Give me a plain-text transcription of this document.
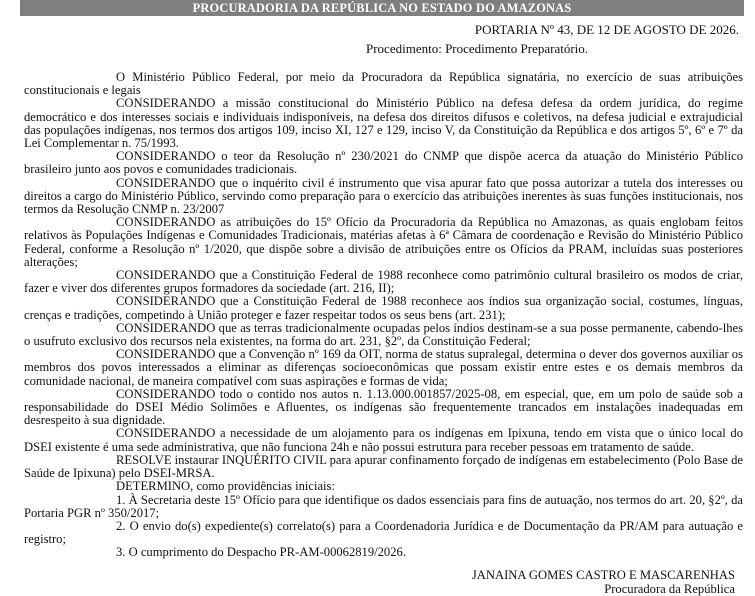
PROCURADORIA DA REPÚBLICA NO ESTADO DO AMAZONAS
PORTARIA Nº 43, DE 12 DE AGOSTO DE 2026.
Procedimento: Procedimento Preparatório.

O Ministério Público Federal, por meio da Procuradora da República signatária, no exercício de suas atribuições constitucionais e legais

CONSIDERANDO a missão constitucional do Ministério Público na defesa defesa da ordem jurídica, do regime democrático e dos interesses sociais e individuais indisponíveis, na defesa dos direitos difusos e coletivos, na defesa judicial e extrajudicial das populações indígenas, nos termos dos artigos 109, inciso XI, 127 e 129, inciso V, da Constituição da República e dos artigos 5º, 6º e 7º da Lei Complementar n. 75/1993.

CONSIDERANDO o teor da Resolução nº 230/2021 do CNMP que dispõe acerca da atuação do Ministério Público brasileiro junto aos povos e comunidades tradicionais.

CONSIDERANDO que o inquérito civil é instrumento que visa apurar fato que possa autorizar a tutela dos interesses ou direitos a cargo do Ministério Público, servindo como preparação para o exercício das atribuições inerentes às suas funções institucionais, nos termos da Resolução CNMP n. 23/2007

CONSIDERANDO as atribuições do 15º Ofício da Procuradoria da República no Amazonas, as quais englobam feitos relativos às Populações Indígenas e Comunidades Tradicionais, matérias afetas à 6ª Câmara de coordenação e Revisão do Ministério Público Federal, conforme a Resolução nº 1/2020, que dispõe sobre a divisão de atribuições entre os Ofícios da PRAM, incluídas suas posteriores alterações;

CONSIDERANDO que a Constituição Federal de 1988 reconhece como patrimônio cultural brasileiro os modos de criar, fazer e viver dos diferentes grupos formadores da sociedade (art. 216, II);

CONSIDERANDO que a Constituição Federal de 1988 reconhece aos índios sua organização social, costumes, línguas, crenças e tradições, competindo à União proteger e fazer respeitar todos os seus bens (art. 231);

CONSIDERANDO que as terras tradicionalmente ocupadas pelos índios destinam-se a sua posse permanente, cabendo-lhes o usufruto exclusivo dos recursos nela existentes, na forma do art. 231, §2º, da Constituição Federal;

CONSIDERANDO que a Convenção nº 169 da OIT, norma de status supralegal, determina o dever dos governos auxiliar os membros dos povos interessados a eliminar as diferenças socioeconômicas que possam existir entre estes e os demais membros da comunidade nacional, de maneira compatível com suas aspirações e formas de vida;

CONSIDERANDO todo o contido nos autos n. 1.13.000.001857/2025-08, em especial, que, em um polo de saúde sob a responsabilidade do DSEI Médio Solimões e Afluentes, os indígenas são frequentemente trancados em instalações inadequadas em desrespeito à sua dignidade.

CONSIDERANDO a necessidade de um alojamento para os indígenas em Ipixuna, tendo em vista que o único local do DSEI existente é uma sede administrativa, que não funciona 24h e não possui estrutura para receber pessoas em tratamento de saúde.

RESOLVE instaurar INQUÉRITO CIVIL para apurar confinamento forçado de indígenas em estabelecimento (Polo Base de Saúde de Ipixuna) pelo DSEI-MRSA.

DETERMINO, como providências iniciais:

1. À Secretaria deste 15º Ofício para que identifique os dados essenciais para fins de autuação, nos termos do art. 20, §2º, da Portaria PGR nº 350/2017;

2. O envio do(s) expediente(s) correlato(s) para a Coordenadoria Jurídica e de Documentação da PR/AM para autuação e registro;

3. O cumprimento do Despacho PR-AM-00062819/2026.

JANAINA GOMES CASTRO E MASCARENHAS
Procuradora da República
